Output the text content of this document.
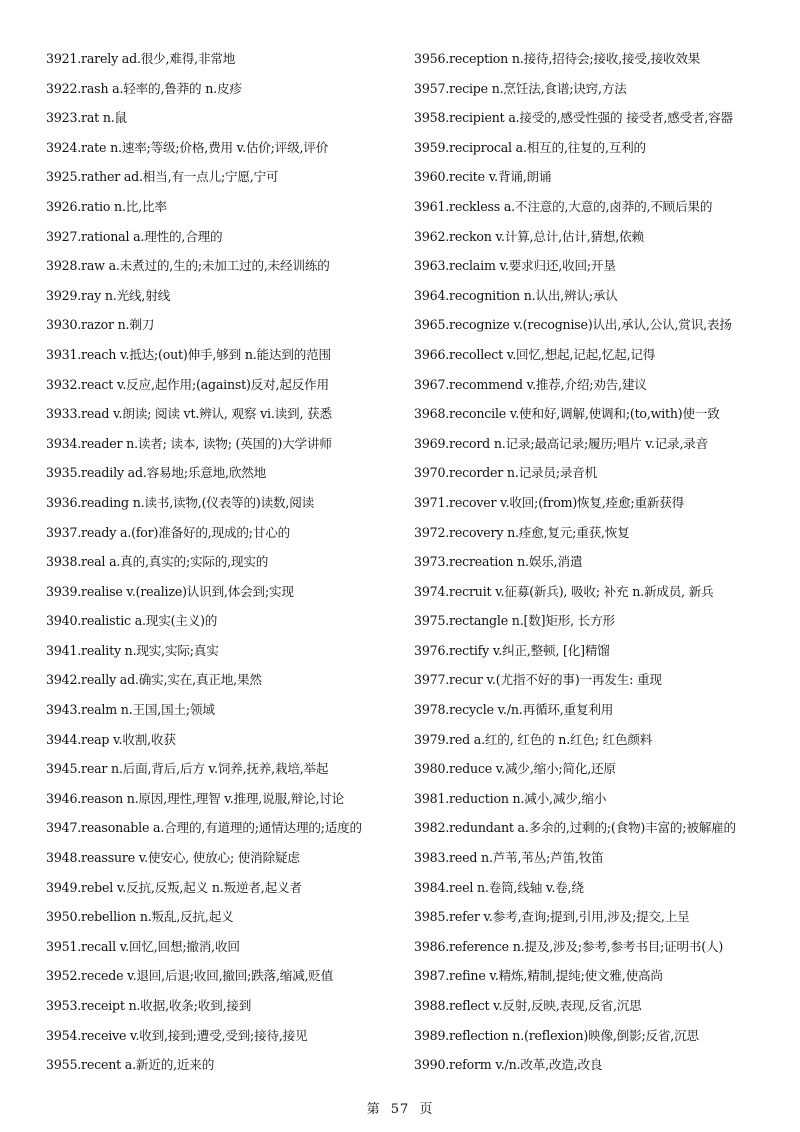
3921.rarely ad.很少,难得,非常地
3922.rash a.轻率的,鲁莽的 n.皮疹
3923.rat n.鼠
3924.rate n.速率;等级;价格,费用 v.估价;评级,评价
3925.rather ad.相当,有一点儿;宁愿,宁可
3926.ratio n.比,比率
3927.rational a.理性的,合理的
3928.raw a.未煮过的,生的;未加工过的,未经训练的
3929.ray n.光线,射线
3930.razor n.剃刀
3931.reach v.抵达;(out)伸手,够到 n.能达到的范围
3932.react v.反应,起作用;(against)反对,起反作用
3933.read v.朗读; 阅读 vt.辨认, 观察 vi.读到, 获悉
3934.reader n.读者; 读本, 读物; (英国的)大学讲师
3935.readily ad.容易地;乐意地,欣然地
3936.reading n.读书,读物,(仪表等的)读数,阅读
3937.ready a.(for)准备好的,现成的;甘心的
3938.real a.真的,真实的;实际的,现实的
3939.realise v.(realize)认识到,体会到;实现
3940.realistic a.现实(主义)的
3941.reality n.现实,实际;真实
3942.really ad.确实,实在,真正地,果然
3943.realm n.王国,国土;领域
3944.reap v.收割,收获
3945.rear n.后面,背后,后方 v.饲养,抚养,栽培,举起
3946.reason n.原因,理性,理智 v.推理,说服,辩论,讨论
3947.reasonable a.合理的,有道理的;通情达理的;适度的
3948.reassure v.使安心, 使放心; 使消除疑虑
3949.rebel v.反抗,反叛,起义 n.叛逆者,起义者
3950.rebellion n.叛乱,反抗,起义
3951.recall v.回忆,回想;撤消,收回
3952.recede v.退回,后退;收回,撤回;跌落,缩减,贬值
3953.receipt n.收据,收条;收到,接到
3954.receive v.收到,接到;遭受,受到;接待,接见
3955.recent a.新近的,近来的
3956.reception n.接待,招待会;接收,接受,接收效果
3957.recipe n.烹饪法,食谱;诀窍,方法
3958.recipient a.接受的,感受性强的 接受者,感受者,容器
3959.reciprocal a.相互的,往复的,互利的
3960.recite v.背诵,朗诵
3961.reckless a.不注意的,大意的,卤莽的,不顾后果的
3962.reckon v.计算,总计,估计,猜想,依赖
3963.reclaim v.要求归还,收回;开垦
3964.recognition n.认出,辨认;承认
3965.recognize v.(recognise)认出,承认,公认,赏识,表扬
3966.recollect v.回忆,想起,记起,忆起,记得
3967.recommend v.推荐,介绍;劝告,建议
3968.reconcile v.使和好,调解,使调和;(to,with)使一致
3969.record n.记录;最高记录;履历;唱片 v.记录,录音
3970.recorder n.记录员;录音机
3971.recover v.收回;(from)恢复,痊愈;重新获得
3972.recovery n.痊愈,复元;重获,恢复
3973.recreation n.娱乐,消遣
3974.recruit v.征募(新兵), 吸收; 补充 n.新成员, 新兵
3975.rectangle n.[数]矩形, 长方形
3976.rectify v.纠正,整顿, [化]精馏
3977.recur v.(尤指不好的事)一再发生: 重现
3978.recycle v./n.再循环,重复利用
3979.red a.红的, 红色的 n.红色; 红色颜料
3980.reduce v.减少,缩小;简化,还原
3981.reduction n.减小,减少,缩小
3982.redundant a.多余的,过剩的;(食物)丰富的;被解雇的
3983.reed n.芦苇,苇丛;芦笛,牧笛
3984.reel n.卷筒,线轴 v.卷,绕
3985.refer v.参考,查询;提到,引用,涉及;提交,上呈
3986.reference n.提及,涉及;参考,参考书目;证明书(人)
3987.refine v.精炼,精制,提纯;使文雅,使高尚
3988.reflect v.反射,反映,表现,反省,沉思
3989.reflection n.(reflexion)映像,倒影;反省,沉思
3990.reform v./n.改革,改造,改良
第 57 页
